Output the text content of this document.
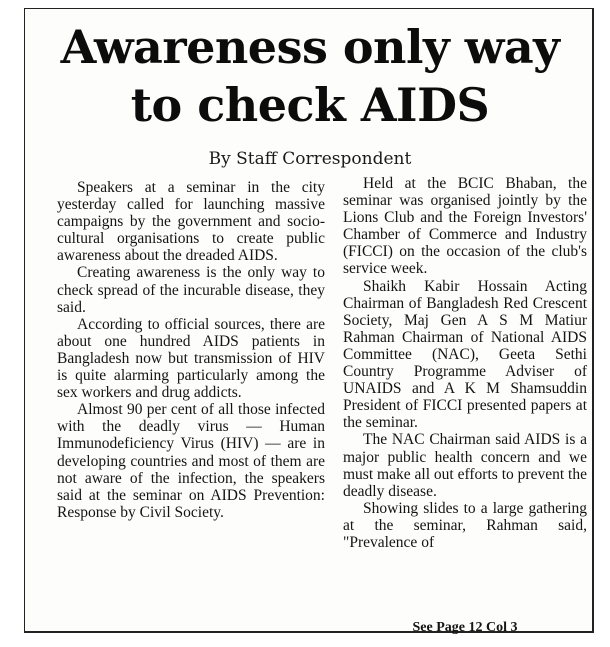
Awareness only way
to check AIDS
By Staff Correspondent

Speakers at a seminar in the city yesterday called for launching massive campaigns by the government and socio-cultural organisations to create public awareness about the dreaded AIDS.

Creating awareness is the only way to check spread of the incurable disease, they said.

According to official sources, there are about one hundred AIDS patients in Bangladesh now but transmission of HIV is quite alarming particularly among the sex workers and drug addicts.

Almost 90 per cent of all those infected with the deadly virus — Human Immunodeficiency Virus (HIV) — are in developing countries and most of them are not aware of the infection, the speakers said at the seminar on AIDS Prevention: Response by Civil Society.

Held at the BCIC Bhaban, the seminar was organised jointly by the Lions Club and the Foreign Investors' Chamber of Commerce and Industry (FICCI) on the occasion of the club's service week.

Shaikh Kabir Hossain Acting Chairman of Bangladesh Red Crescent Society, Maj Gen A S M Matiur Rahman Chairman of National AIDS Committee (NAC), Geeta Sethi Country Programme Adviser of UNAIDS and A K M Shamsuddin President of FICCI presented papers at the seminar.

The NAC Chairman said AIDS is a major public health concern and we must make all out efforts to prevent the deadly disease.

Showing slides to a large gathering at the seminar, Rahman said, "Prevalence of

See Page 12 Col 3
